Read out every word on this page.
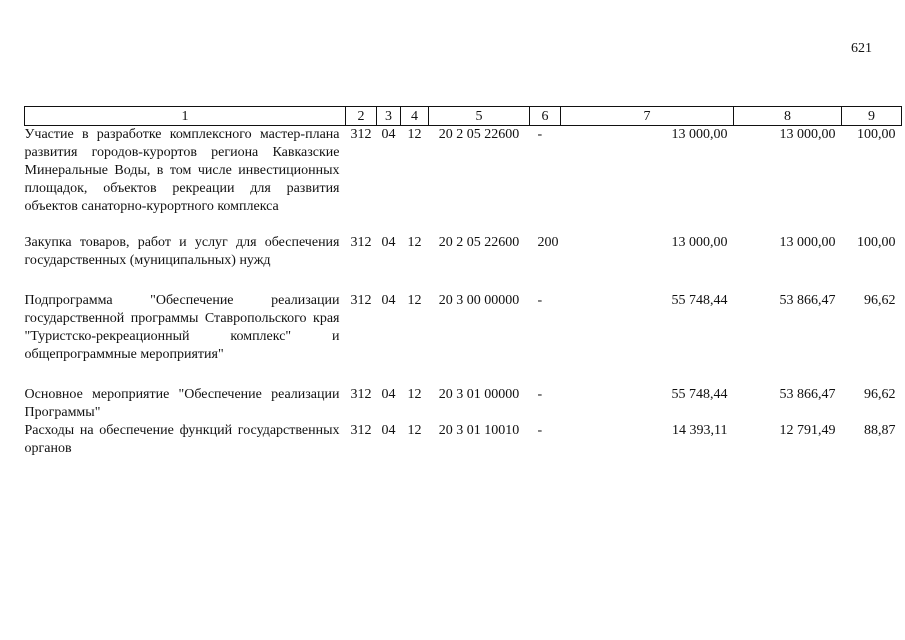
621
1	2	3	4	5	6	7	8	9
Участие в разработке комплексного мастер-плана развития городов-курортов региона Кавказские Минеральные Воды, в том числе инвестиционных площадок, объектов рекреации для развития объектов санаторно-курортного комплекса	312	04	12	20 2 05 22600	-	13 000,00	13 000,00	100,00

Закупка товаров, работ и услуг для обеспечения государственных (муниципальных) нужд	312	04	12	20 2 05 22600	200	13 000,00	13 000,00	100,00

Подпрограмма "Обеспечение реализации государственной программы Ставропольского края "Туристско-рекреационный комплекс" и общепрограммные мероприятия"	312	04	12	20 3 00 00000	-	55 748,44	53 866,47	96,62

Основное мероприятие "Обеспечение реализации Программы"	312	04	12	20 3 01 00000	-	55 748,44	53 866,47	96,62
Расходы на обеспечение функций государственных органов	312	04	12	20 3 01 10010	-	14 393,11	12 791,49	88,87
